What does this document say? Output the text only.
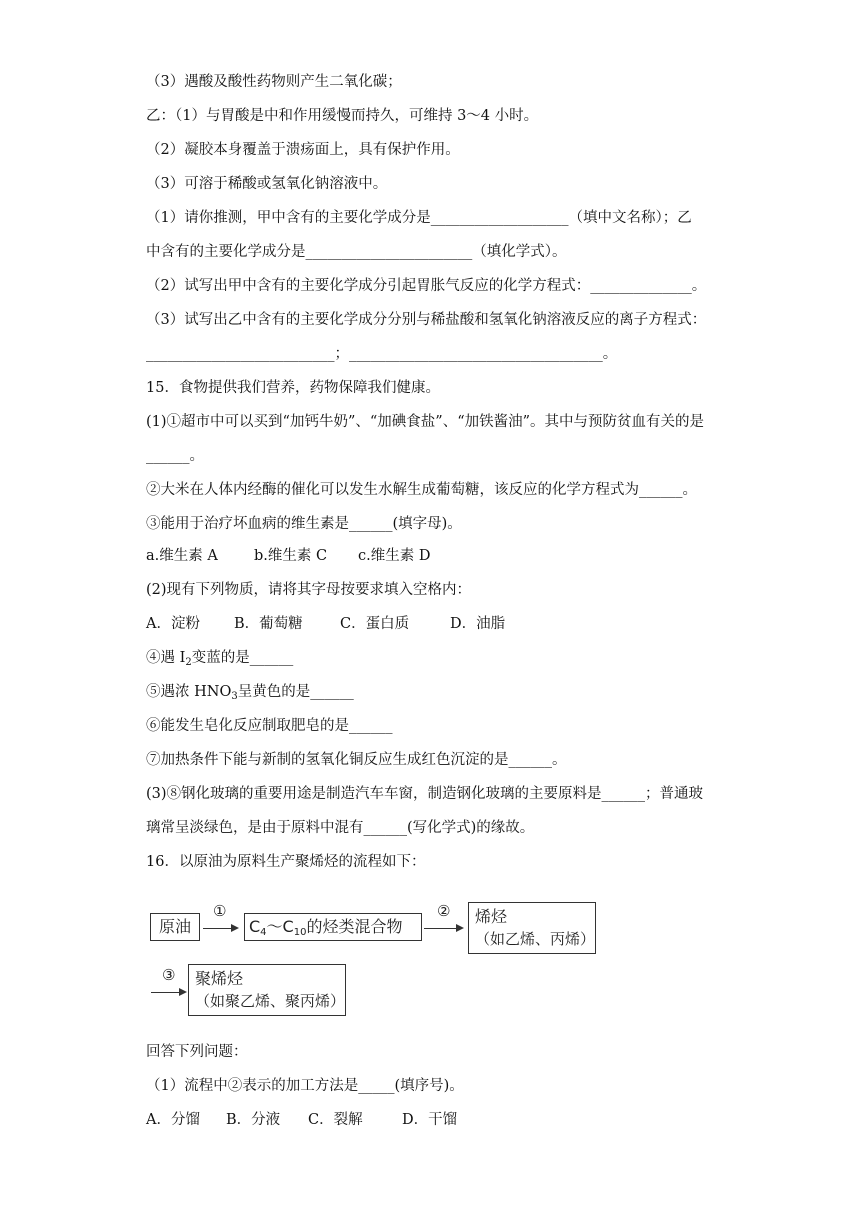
（3）遇酸及酸性药物则产生二氧化碳；
乙：（1）与胃酸是中和作用缓慢而持久，可维持 3～4 小时。
（2）凝胶本身覆盖于溃疡面上，具有保护作用。
（3）可溶于稀酸或氢氧化钠溶液中。
（1）请你推测，甲中含有的主要化学成分是___________________（填中文名称）；乙
中含有的主要化学成分是_______________________（填化学式）。
（2）试写出甲中含有的主要化学成分引起胃胀气反应的化学方程式：______________。
（3）试写出乙中含有的主要化学成分分别与稀盐酸和氢氧化钠溶液反应的离子方程式：
__________________________；___________________________________。
15．食物提供我们营养，药物保障我们健康。
(1)①超市中可以买到“加钙牛奶”、“加碘食盐”、“加铁酱油”。其中与预防贫血有关的是
______。
②大米在人体内经酶的催化可以发生水解生成葡萄糖，该反应的化学方程式为______。
③能用于治疗坏血病的维生素是______(填字母)。
a.维生素 A b.维生素 C c.维生素 D
(2)现有下列物质，请将其字母按要求填入空格内：
A．淀粉 B．葡萄糖	C．蛋白质	D．油脂
④遇 $I_2$变蓝的是______
⑤遇浓 $HNO_3$呈黄色的是______
⑥能发生皂化反应制取肥皂的是______
⑦加热条件下能与新制的氢氧化铜反应生成红色沉淀的是______。
(3)⑧钢化玻璃的重要用途是制造汽车车窗，制造钢化玻璃的主要原料是______；普通玻
璃常呈淡绿色，是由于原料中混有______(写化学式)的缘故。
16．以原油为原料生产聚烯烃的流程如下：
原油
①
$C_4\sim C_{10}$的烃类混合物
② 烯烃
（如乙烯、丙烯）
③ 聚烯烃
（如聚乙烯、聚丙烯）
回答下列问题：
（1）流程中②表示的加工方法是_____(填序号)。
A．分馏 B．分液 C．裂解	D．干馏
